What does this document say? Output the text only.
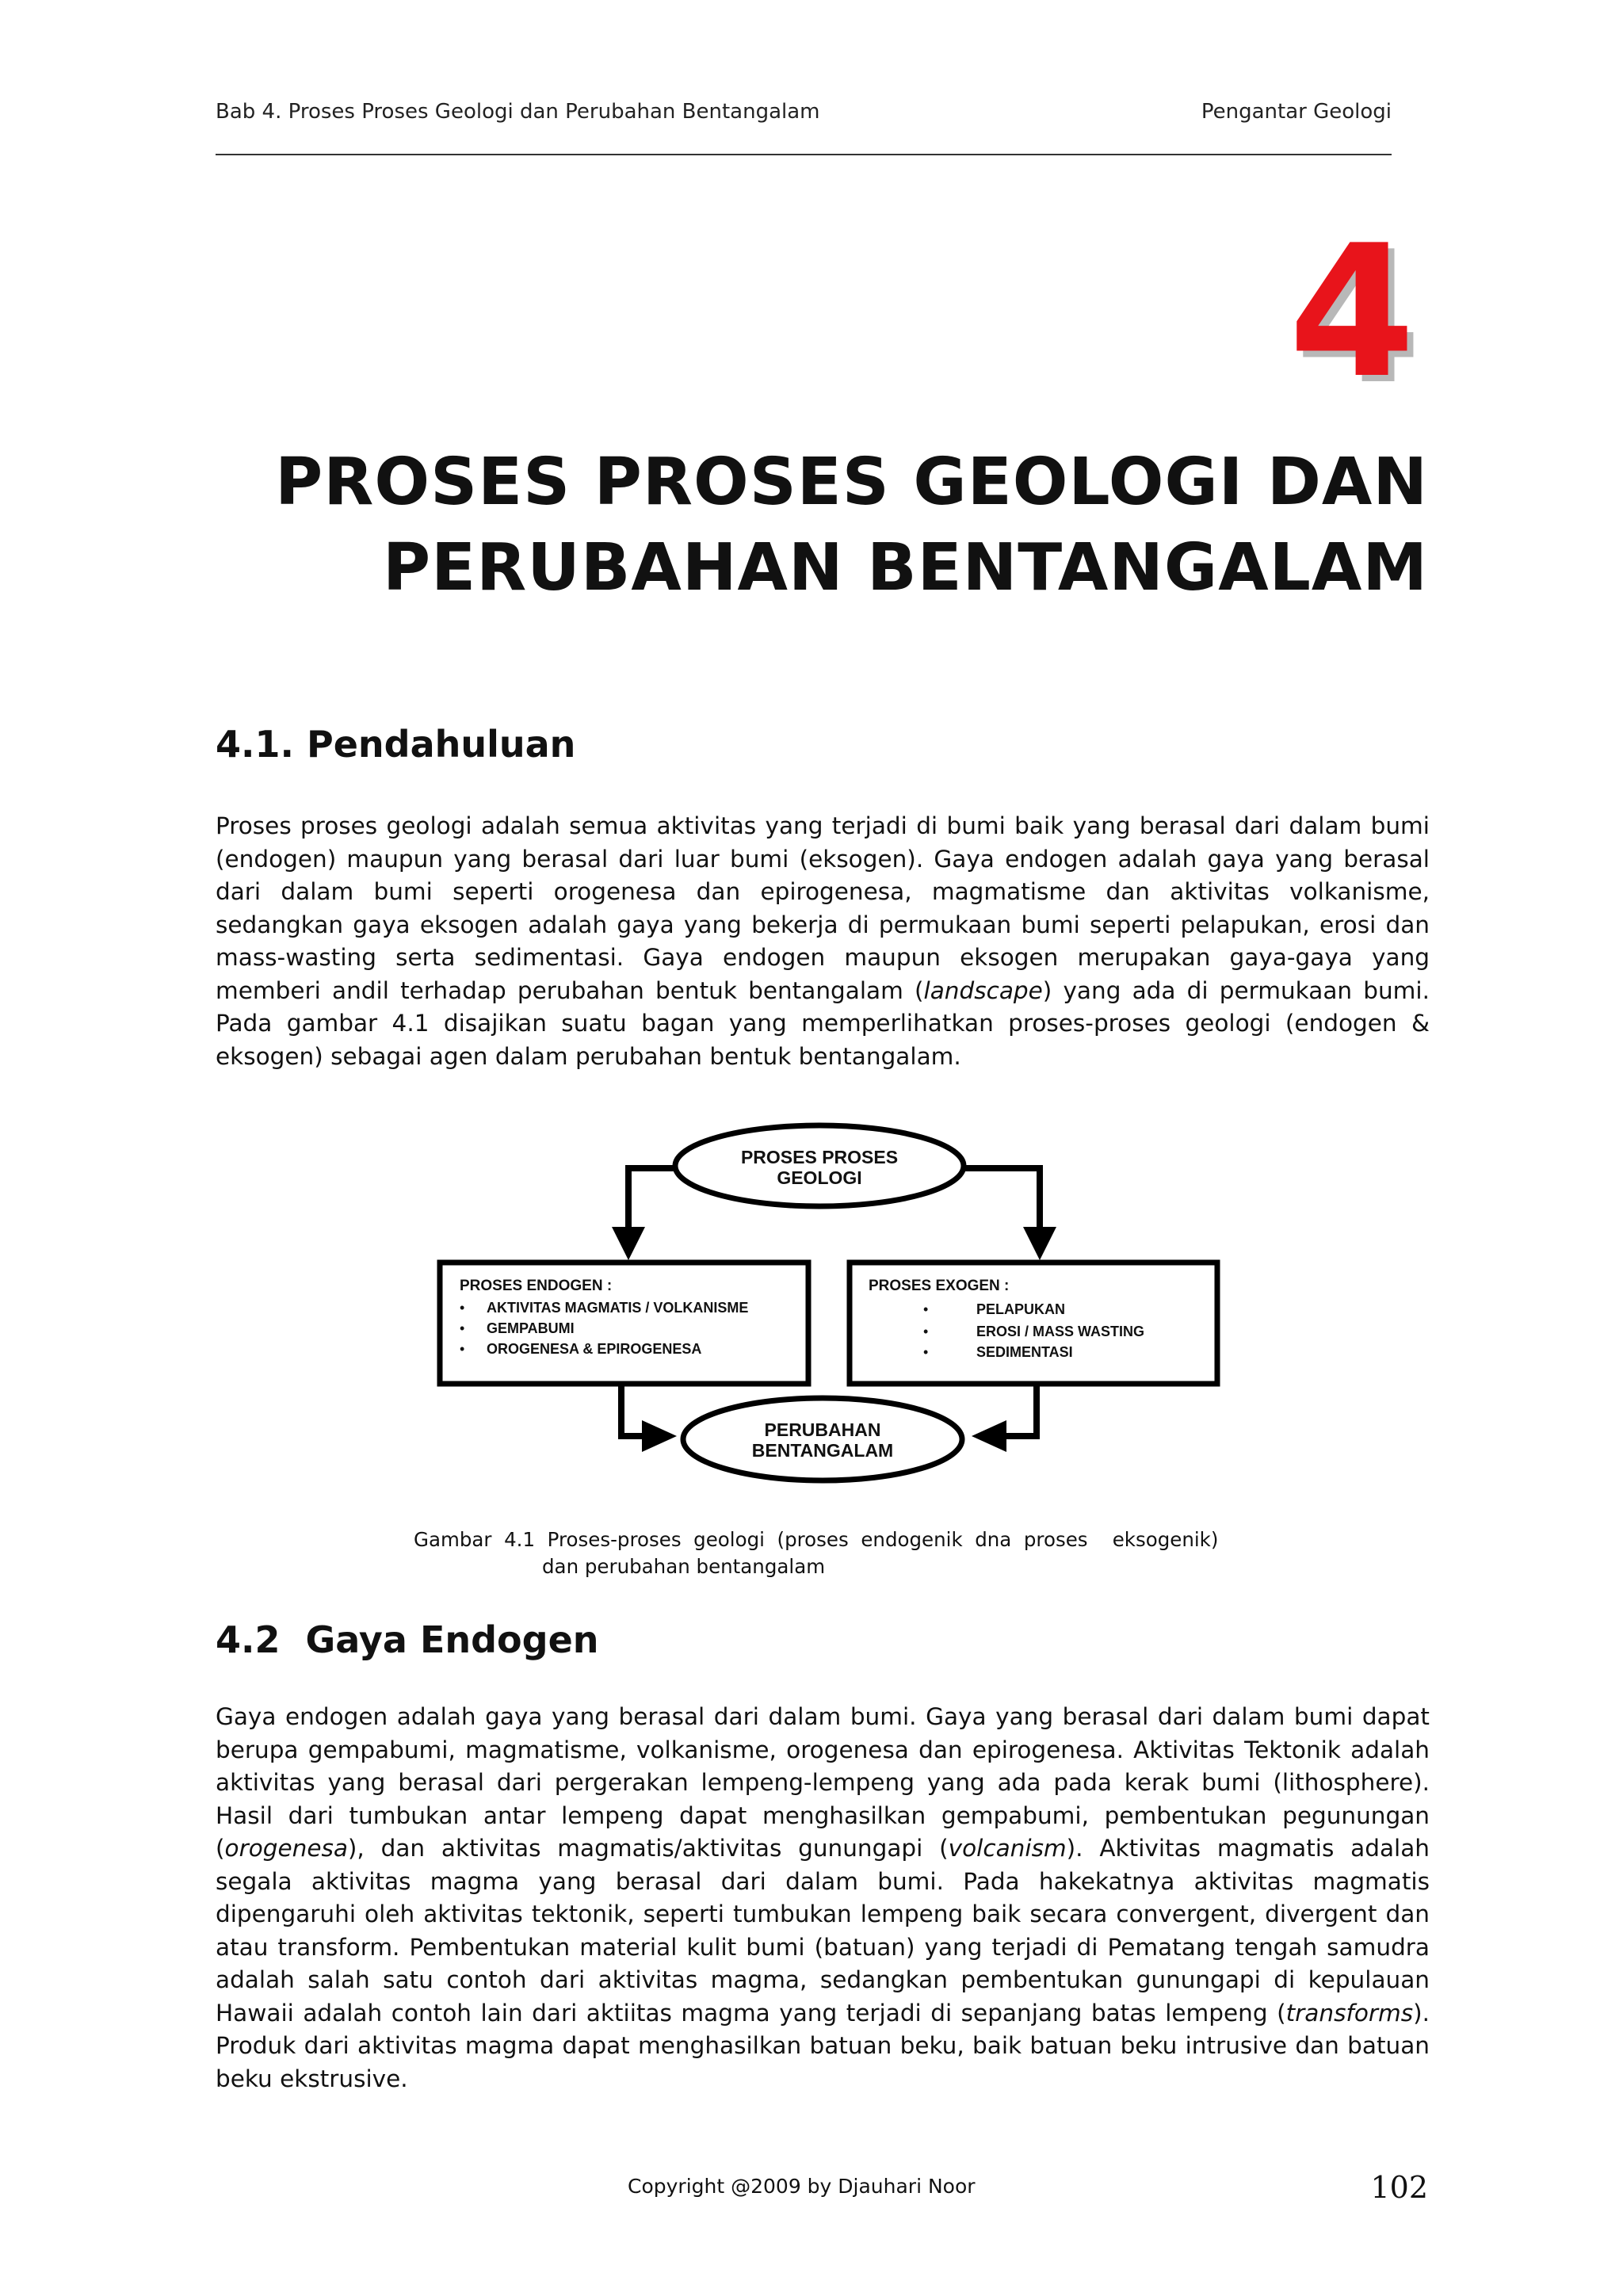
Bab 4. Proses Proses Geologi dan Perubahan Bentangalam	Pengantar Geologi
4
PROSES PROSES GEOLOGI DAN
PERUBAHAN BENTANGALAM
4.1. Pendahuluan
Proses proses geologi adalah semua aktivitas yang terjadi di bumi baik yang berasal dari dalam bumi (endogen) maupun yang berasal dari luar bumi (eksogen). Gaya endogen adalah gaya yang berasal dari dalam bumi seperti orogenesa dan epirogenesa, magmatisme dan aktivitas volkanisme, sedangkan gaya eksogen adalah gaya yang bekerja di permukaan bumi seperti pelapukan, erosi dan mass-wasting serta sedimentasi. Gaya endogen maupun eksogen merupakan gaya-gaya yang memberi andil terhadap perubahan bentuk bentangalam (landscape) yang ada di permukaan bumi. Pada gambar 4.1 disajikan suatu bagan yang memperlihatkan proses-proses geologi (endogen & eksogen) sebagai agen dalam perubahan bentuk bentangalam.
PROSES PROSES
GEOLOGI
PROSES ENDOGEN :
• AKTIVITAS MAGMATIS / VOLKANISME
• GEMPABUMI
• OROGENESA & EPIROGENESA
PROSES EXOGEN :
•	PELAPUKAN
•	EROSI / MASS WASTING
•	SEDIMENTASI
PERUBAHAN
BENTANGALAM
Gambar  4.1  Proses-proses  geologi  (proses  endogenik  dna  proses    eksogenik)
dan perubahan bentangalam
4.2  Gaya Endogen
Gaya endogen adalah gaya yang berasal dari dalam bumi. Gaya yang berasal dari dalam bumi dapat berupa gempabumi, magmatisme, volkanisme, orogenesa dan epirogenesa. Aktivitas Tektonik adalah aktivitas yang berasal dari pergerakan lempeng-lempeng yang ada pada kerak bumi (lithosphere). Hasil dari tumbukan antar lempeng dapat menghasilkan gempabumi, pembentukan pegunungan (orogenesa), dan aktivitas magmatis/aktivitas gunungapi (volcanism). Aktivitas magmatis adalah segala aktivitas magma yang berasal dari dalam bumi. Pada hakekatnya aktivitas magmatis dipengaruhi oleh aktivitas tektonik, seperti tumbukan lempeng baik secara convergent, divergent dan atau transform. Pembentukan material kulit bumi (batuan) yang terjadi di Pematang tengah samudra adalah salah satu contoh dari aktivitas magma, sedangkan pembentukan gunungapi di kepulauan Hawaii adalah contoh lain dari aktiitas magma yang terjadi di sepanjang batas lempeng (transforms). Produk dari aktivitas magma dapat menghasilkan batuan beku, baik batuan beku intrusive dan batuan beku ekstrusive.
Copyright @2009 by Djauhari Noor	102
